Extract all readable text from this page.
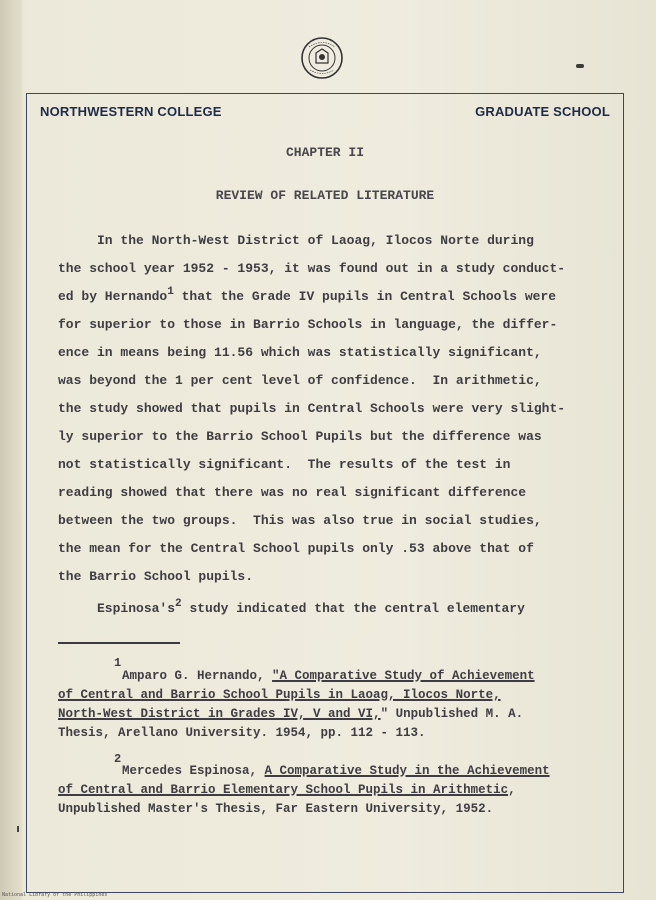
NORTHWESTERN COLLEGE	GRADUATE SCHOOL
CHAPTER II
REVIEW OF RELATED LITERATURE
In the North-West District of Laoag, Ilocos Norte during
the school year 1952 - 1953, it was found out in a study conduct-
ed by Hernando$^1$ that the Grade IV pupils in Central Schools were
for superior to those in Barrio Schools in language, the differ-
ence in means being 11.56 which was statistically significant,
was beyond the 1 per cent level of confidence.  In arithmetic,
the study showed that pupils in Central Schools were very slight-
ly superior to the Barrio School Pupils but the difference was
not statistically significant.  The results of the test in
reading showed that there was no real significant difference
between the two groups.  This was also true in social studies,
the mean for the Central School pupils only .53 above that of
the Barrio School pupils.
$Espinosa's^2$ study indicated that the central elementary
1
Amparo G. Hernando, "A Comparative Study of Achievement
of Central and Barrio School Pupils in Laoag, Ilocos Norte,
North-West District in Grades IV, V and VI," Unpublished M. A.
Thesis, Arellano University. 1954, pp. 112 - 113.
2
Mercedes Espinosa, A Comparative Study in the Achievement
of Central and Barrio Elementary School Pupils in Arithmetic,
Unpublished Master's Thesis, Far Eastern University, 1952.
National Library of the Philippines
